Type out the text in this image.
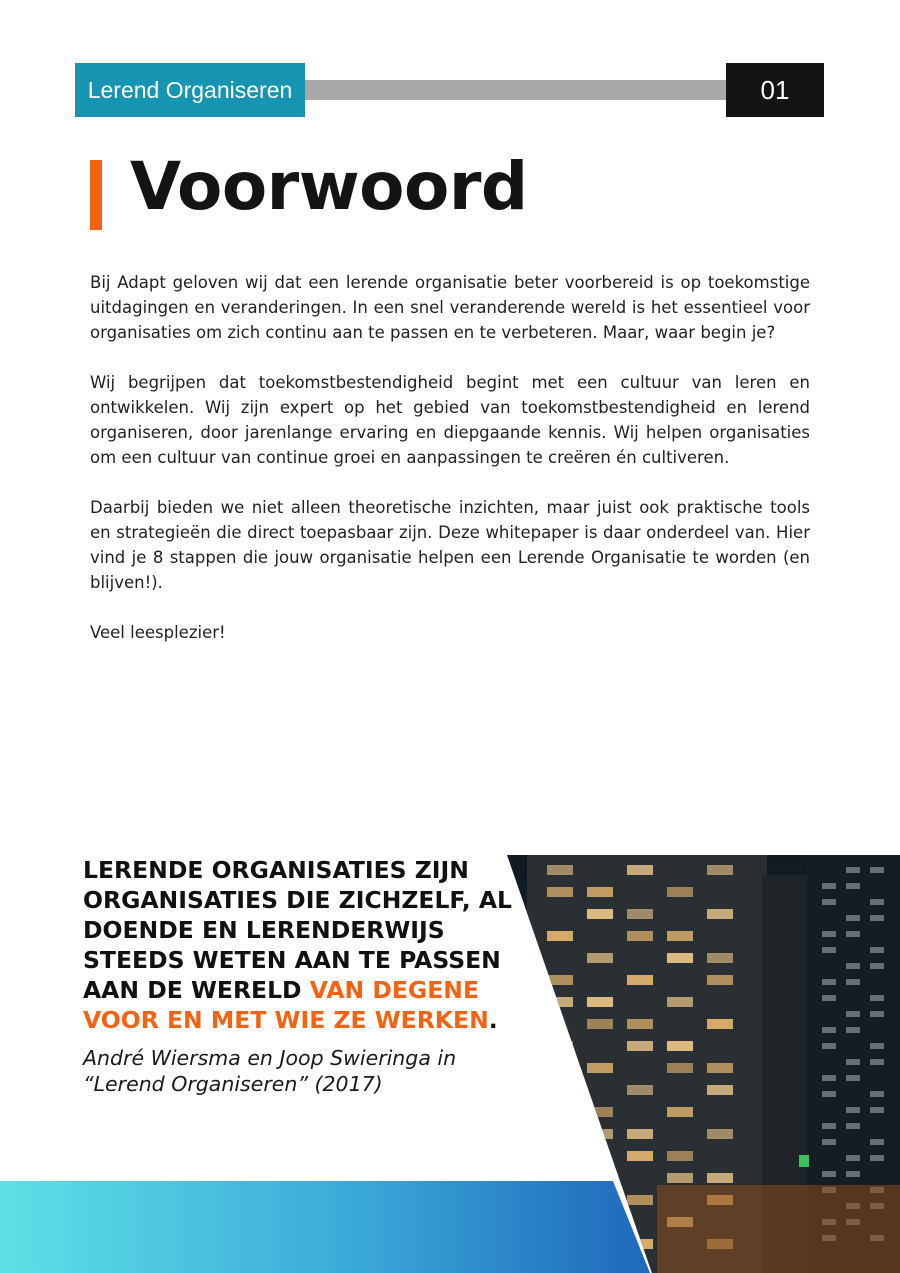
Lerend Organiseren	01
Voorwoord

Bij Adapt geloven wij dat een lerende organisatie beter voorbereid is op toekomstige uitdagingen en veranderingen. In een snel veranderende wereld is het essentieel voor organisaties om zich continu aan te passen en te verbeteren. Maar, waar begin je?

Wij begrijpen dat toekomstbestendigheid begint met een cultuur van leren en ontwikkelen. Wij zijn expert op het gebied van toekomstbestendigheid en lerend organiseren, door jarenlange ervaring en diepgaande kennis. Wij helpen organisaties om een cultuur van continue groei en aanpassingen te creëren én cultiveren.

Daarbij bieden we niet alleen theoretische inzichten, maar juist ook praktische tools en strategieën die direct toepasbaar zijn. Deze whitepaper is daar onderdeel van. Hier vind je 8 stappen die jouw organisatie helpen een Lerende Organisatie te worden (en blijven!).

Veel leesplezier!

LERENDE ORGANISATIES ZIJN ORGANISATIES DIE ZICHZELF, AL DOENDE EN LERENDERWIJS STEEDS WETEN AAN TE PASSEN AAN DE WERELD VAN DEGENE VOOR EN MET WIE ZE WERKEN.

André Wiersma en Joop Swieringa in
“Lerend Organiseren” (2017)
